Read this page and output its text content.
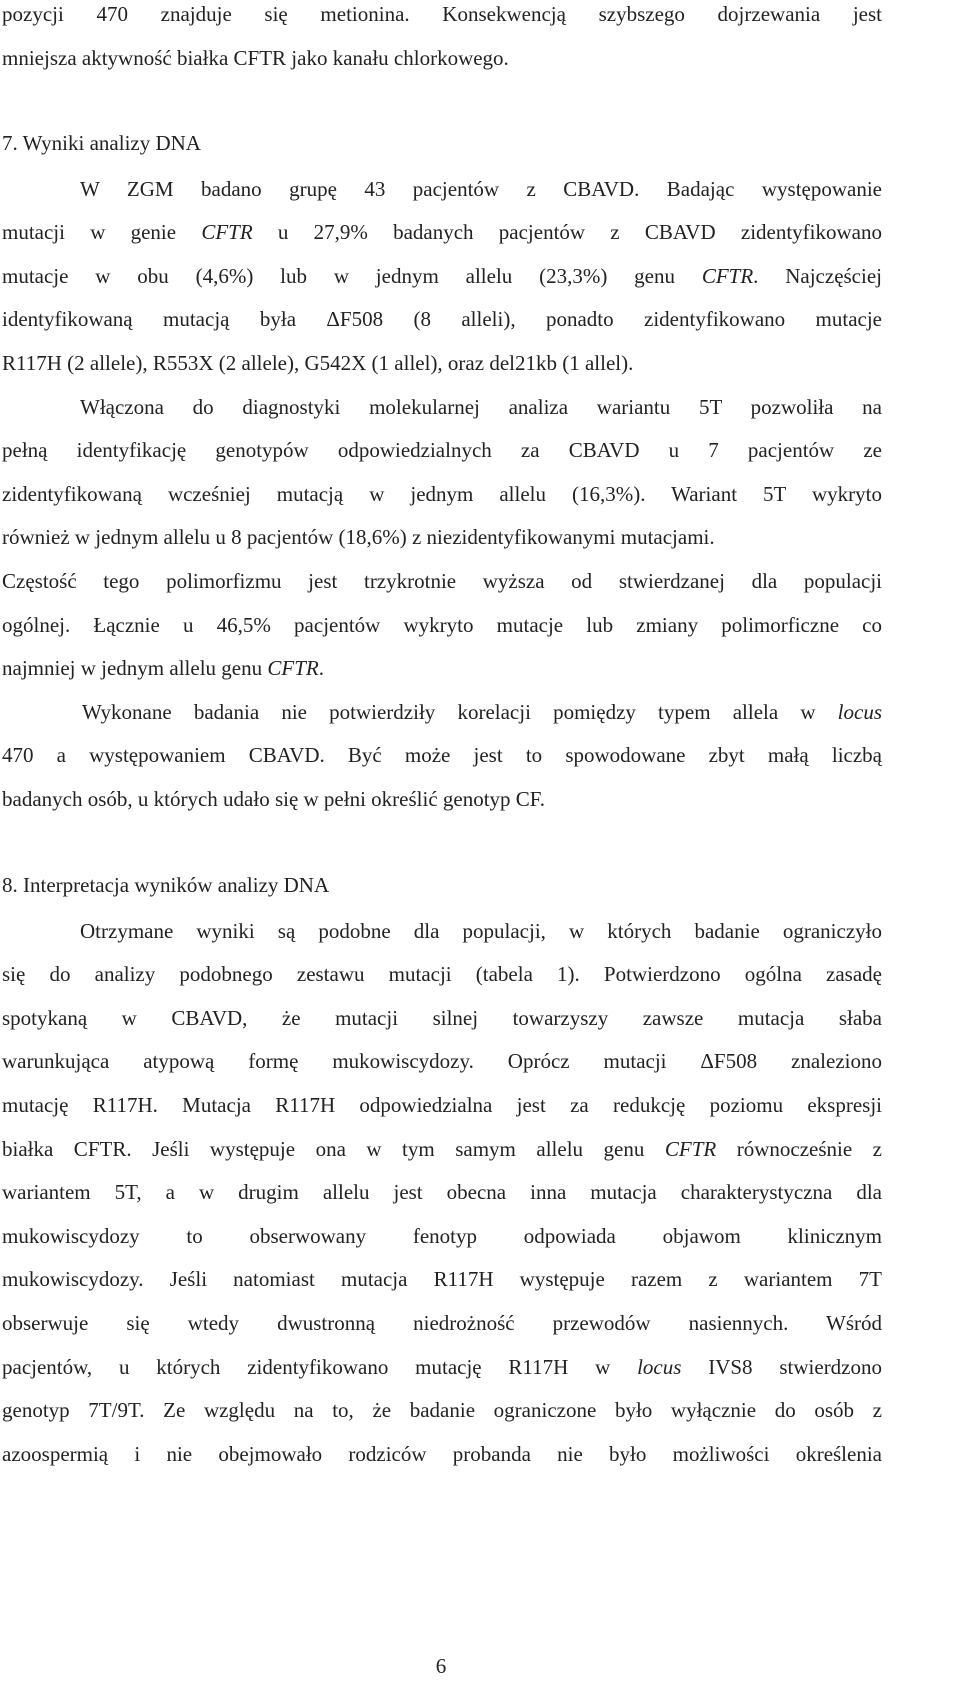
pozycji 470 znajduje się metionina. Konsekwencją szybszego dojrzewania jest
mniejsza aktywność białka CFTR jako kanału chlorkowego.
7. Wyniki analizy DNA
W ZGM badano grupę 43 pacjentów z CBAVD. Badając występowanie
mutacji w genie CFTR u 27,9% badanych pacjentów z CBAVD zidentyfikowano
mutacje w obu (4,6%) lub w jednym allelu (23,3%) genu CFTR. Najczęściej
identyfikowaną mutacją była ΔF508 (8 alleli), ponadto zidentyfikowano mutacje
R117H (2 allele), R553X (2 allele), G542X (1 allel), oraz del21kb (1 allel).
Włączona do diagnostyki molekularnej analiza wariantu 5T pozwoliła na
pełną identyfikację genotypów odpowiedzialnych za CBAVD u 7 pacjentów ze
zidentyfikowaną wcześniej mutacją w jednym allelu (16,3%). Wariant 5T wykryto
również w jednym allelu u 8 pacjentów (18,6%) z niezidentyfikowanymi mutacjami.
Częstość tego polimorfizmu jest trzykrotnie wyższa od stwierdzanej dla populacji
ogólnej. Łącznie u 46,5% pacjentów wykryto mutacje lub zmiany polimorficzne co
najmniej w jednym allelu genu CFTR.
Wykonane badania nie potwierdziły korelacji pomiędzy typem allela w locus
470 a występowaniem CBAVD. Być może jest to spowodowane zbyt małą liczbą
badanych osób, u których udało się w pełni określić genotyp CF.
8. Interpretacja wyników analizy DNA
Otrzymane wyniki są podobne dla populacji, w których badanie ograniczyło
się do analizy podobnego zestawu mutacji (tabela 1). Potwierdzono ogólna zasadę
spotykaną w CBAVD, że mutacji silnej towarzyszy zawsze mutacja słaba
warunkująca atypową formę mukowiscydozy. Oprócz mutacji ΔF508 znaleziono
mutację R117H. Mutacja R117H odpowiedzialna jest za redukcję poziomu ekspresji
białka CFTR. Jeśli występuje ona w tym samym allelu genu CFTR równocześnie z
wariantem 5T, a w drugim allelu jest obecna inna mutacja charakterystyczna dla
mukowiscydozy to obserwowany fenotyp odpowiada objawom klinicznym
mukowiscydozy. Jeśli natomiast mutacja R117H występuje razem z wariantem 7T
obserwuje się wtedy dwustronną niedrożność przewodów nasiennych. Wśród
pacjentów, u których zidentyfikowano mutację R117H w locus IVS8 stwierdzono
genotyp 7T/9T. Ze względu na to, że badanie ograniczone było wyłącznie do osób z
azoospermią i nie obejmowało rodziców probanda nie było możliwości określenia
6
